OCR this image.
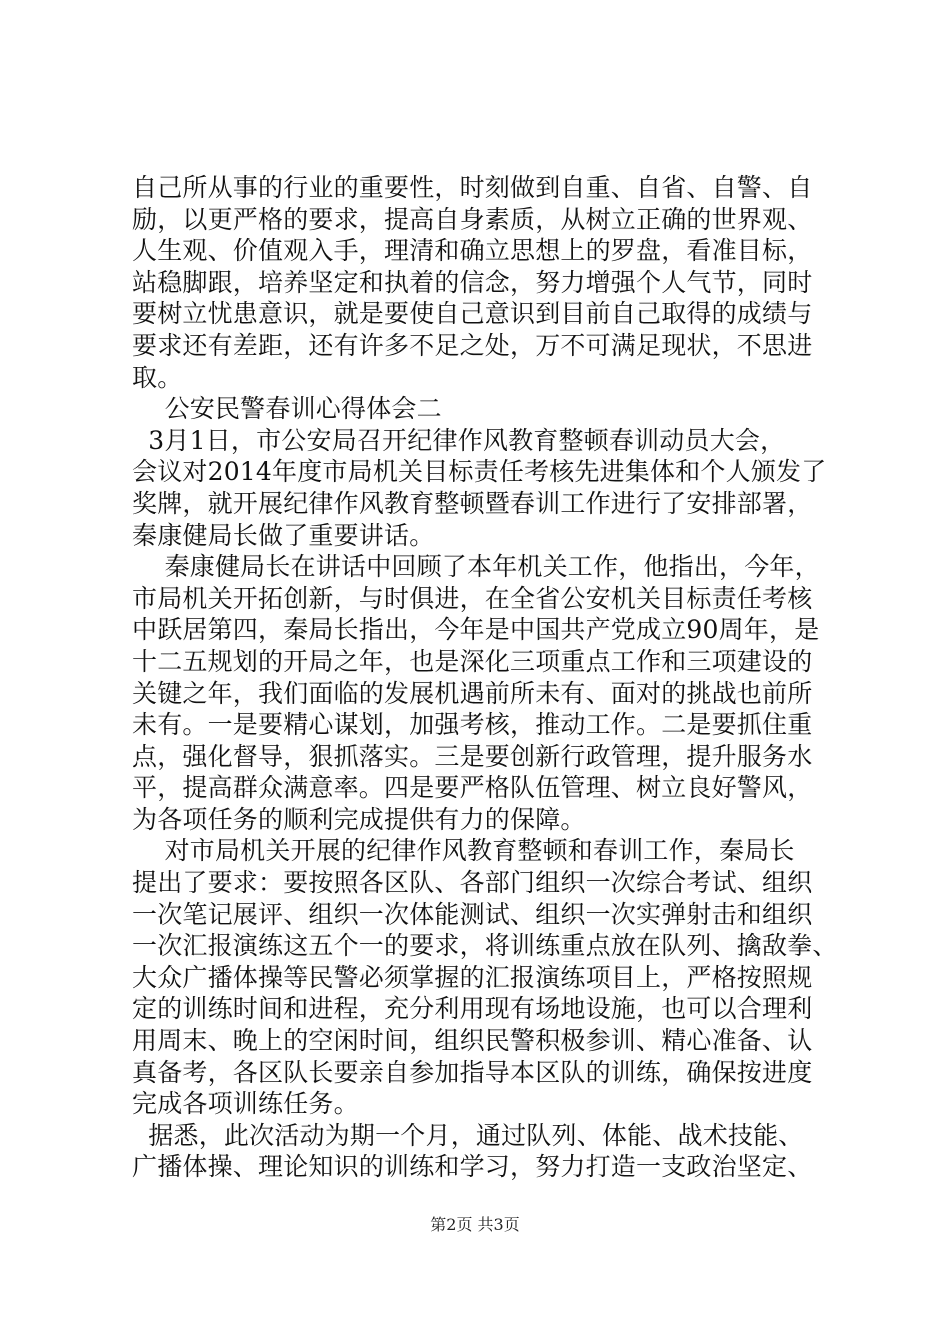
自己所从事的行业的重要性，时刻做到自重、自省、自警、自
励，以更严格的要求，提高自身素质，从树立正确的世界观、
人生观、价值观入手，理清和确立思想上的罗盘，看准目标，
站稳脚跟，培养坚定和执着的信念，努力增强个人气节，同时
要树立忧患意识，就是要使自己意识到目前自己取得的成绩与
要求还有差距，还有许多不足之处，万不可满足现状，不思进
取。
公安民警春训心得体会二
3月1日，市公安局召开纪律作风教育整顿春训动员大会，
会议对2014年度市局机关目标责任考核先进集体和个人颁发了
奖牌，就开展纪律作风教育整顿暨春训工作进行了安排部署，
秦康健局长做了重要讲话。
秦康健局长在讲话中回顾了本年机关工作，他指出，今年，
市局机关开拓创新，与时俱进，在全省公安机关目标责任考核
中跃居第四，秦局长指出，今年是中国共产党成立90周年，是
十二五规划的开局之年，也是深化三项重点工作和三项建设的
关键之年，我们面临的发展机遇前所未有、面对的挑战也前所
未有。一是要精心谋划，加强考核，推动工作。二是要抓住重
点，强化督导，狠抓落实。三是要创新行政管理，提升服务水
平，提高群众满意率。四是要严格队伍管理、树立良好警风，
为各项任务的顺利完成提供有力的保障。
对市局机关开展的纪律作风教育整顿和春训工作，秦局长
提出了要求：要按照各区队、各部门组织一次综合考试、组织
一次笔记展评、组织一次体能测试、组织一次实弹射击和组织
一次汇报演练这五个一的要求，将训练重点放在队列、擒敌拳、
大众广播体操等民警必须掌握的汇报演练项目上，严格按照规
定的训练时间和进程，充分利用现有场地设施，也可以合理利
用周末、晚上的空闲时间，组织民警积极参训、精心准备、认
真备考，各区队长要亲自参加指导本区队的训练，确保按进度
完成各项训练任务。
据悉，此次活动为期一个月，通过队列、体能、战术技能、
广播体操、理论知识的训练和学习，努力打造一支政治坚定、
第2页 共3页
